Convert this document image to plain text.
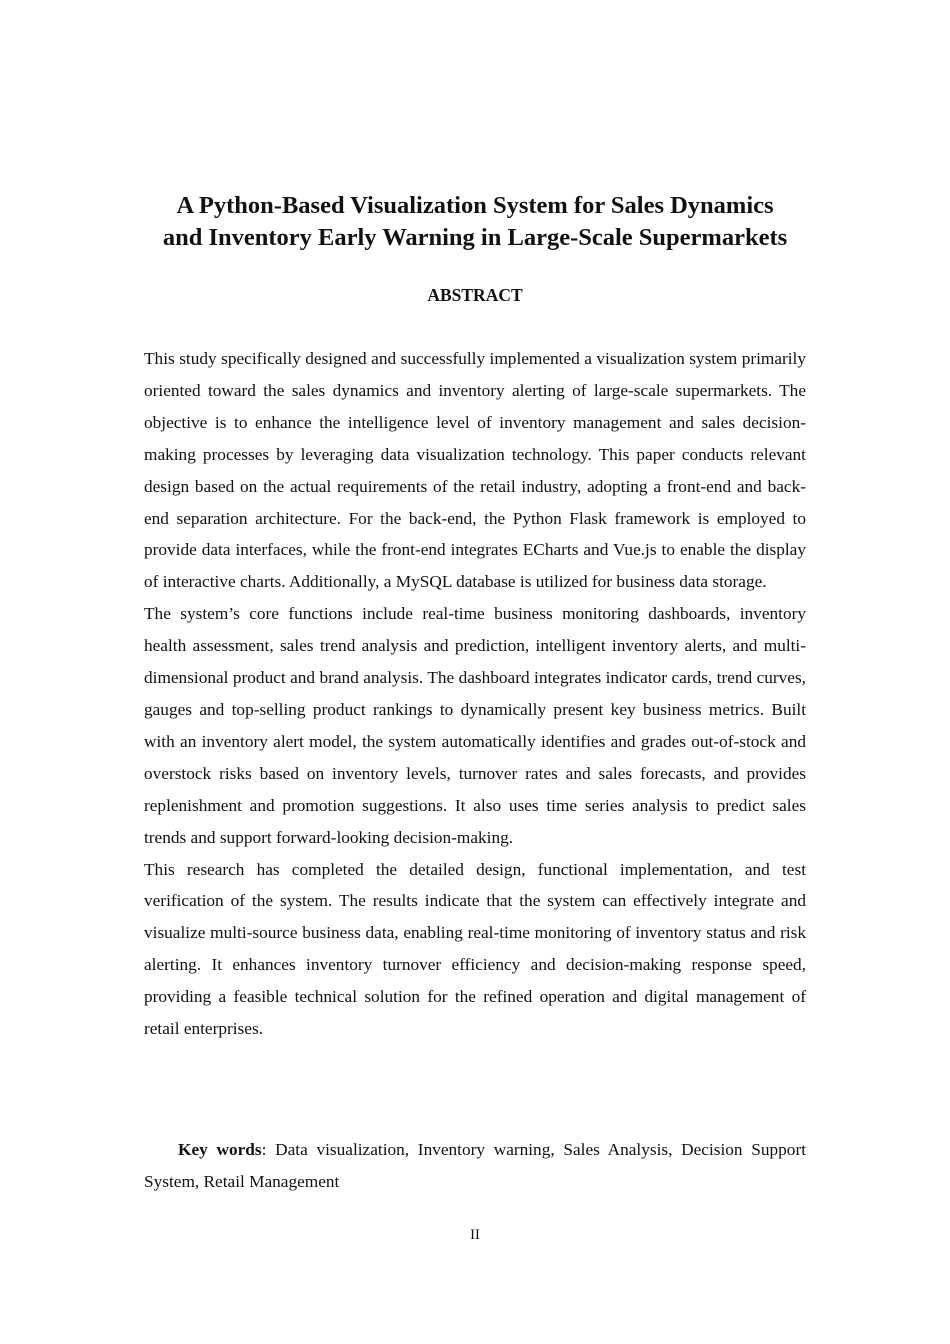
A Python-Based Visualization System for Sales Dynamics
and Inventory Early Warning in Large-Scale Supermarkets
ABSTRACT

This study specifically designed and successfully implemented a visualization system primarily oriented toward the sales dynamics and inventory alerting of large-scale supermarkets. The objective is to enhance the intelligence level of inventory management and sales decision-making processes by leveraging data visualization technology. This paper conducts relevant design based on the actual requirements of the retail industry, adopting a front-end and back-end separation architecture. For the back-end, the Python Flask framework is employed to provide data interfaces, while the front-end integrates ECharts and Vue.js to enable the display of interactive charts. Additionally, a MySQL database is utilized for business data storage.

The system’s core functions include real-time business monitoring dashboards, inventory health assessment, sales trend analysis and prediction, intelligent inventory alerts, and multi-dimensional product and brand analysis. The dashboard integrates indicator cards, trend curves, gauges and top-selling product rankings to dynamically present key business metrics. Built with an inventory alert model, the system automatically identifies and grades out-of-stock and overstock risks based on inventory levels, turnover rates and sales forecasts, and provides replenishment and promotion suggestions. It also uses time series analysis to predict sales trends and support forward-looking decision-making.

This research has completed the detailed design, functional implementation, and test verification of the system. The results indicate that the system can effectively integrate and visualize multi-source business data, enabling real-time monitoring of inventory status and risk alerting. It enhances inventory turnover efficiency and decision-making response speed, providing a feasible technical solution for the refined operation and digital management of retail enterprises.

Key words: Data visualization, Inventory warning, Sales Analysis, Decision Support System, Retail Management

II
